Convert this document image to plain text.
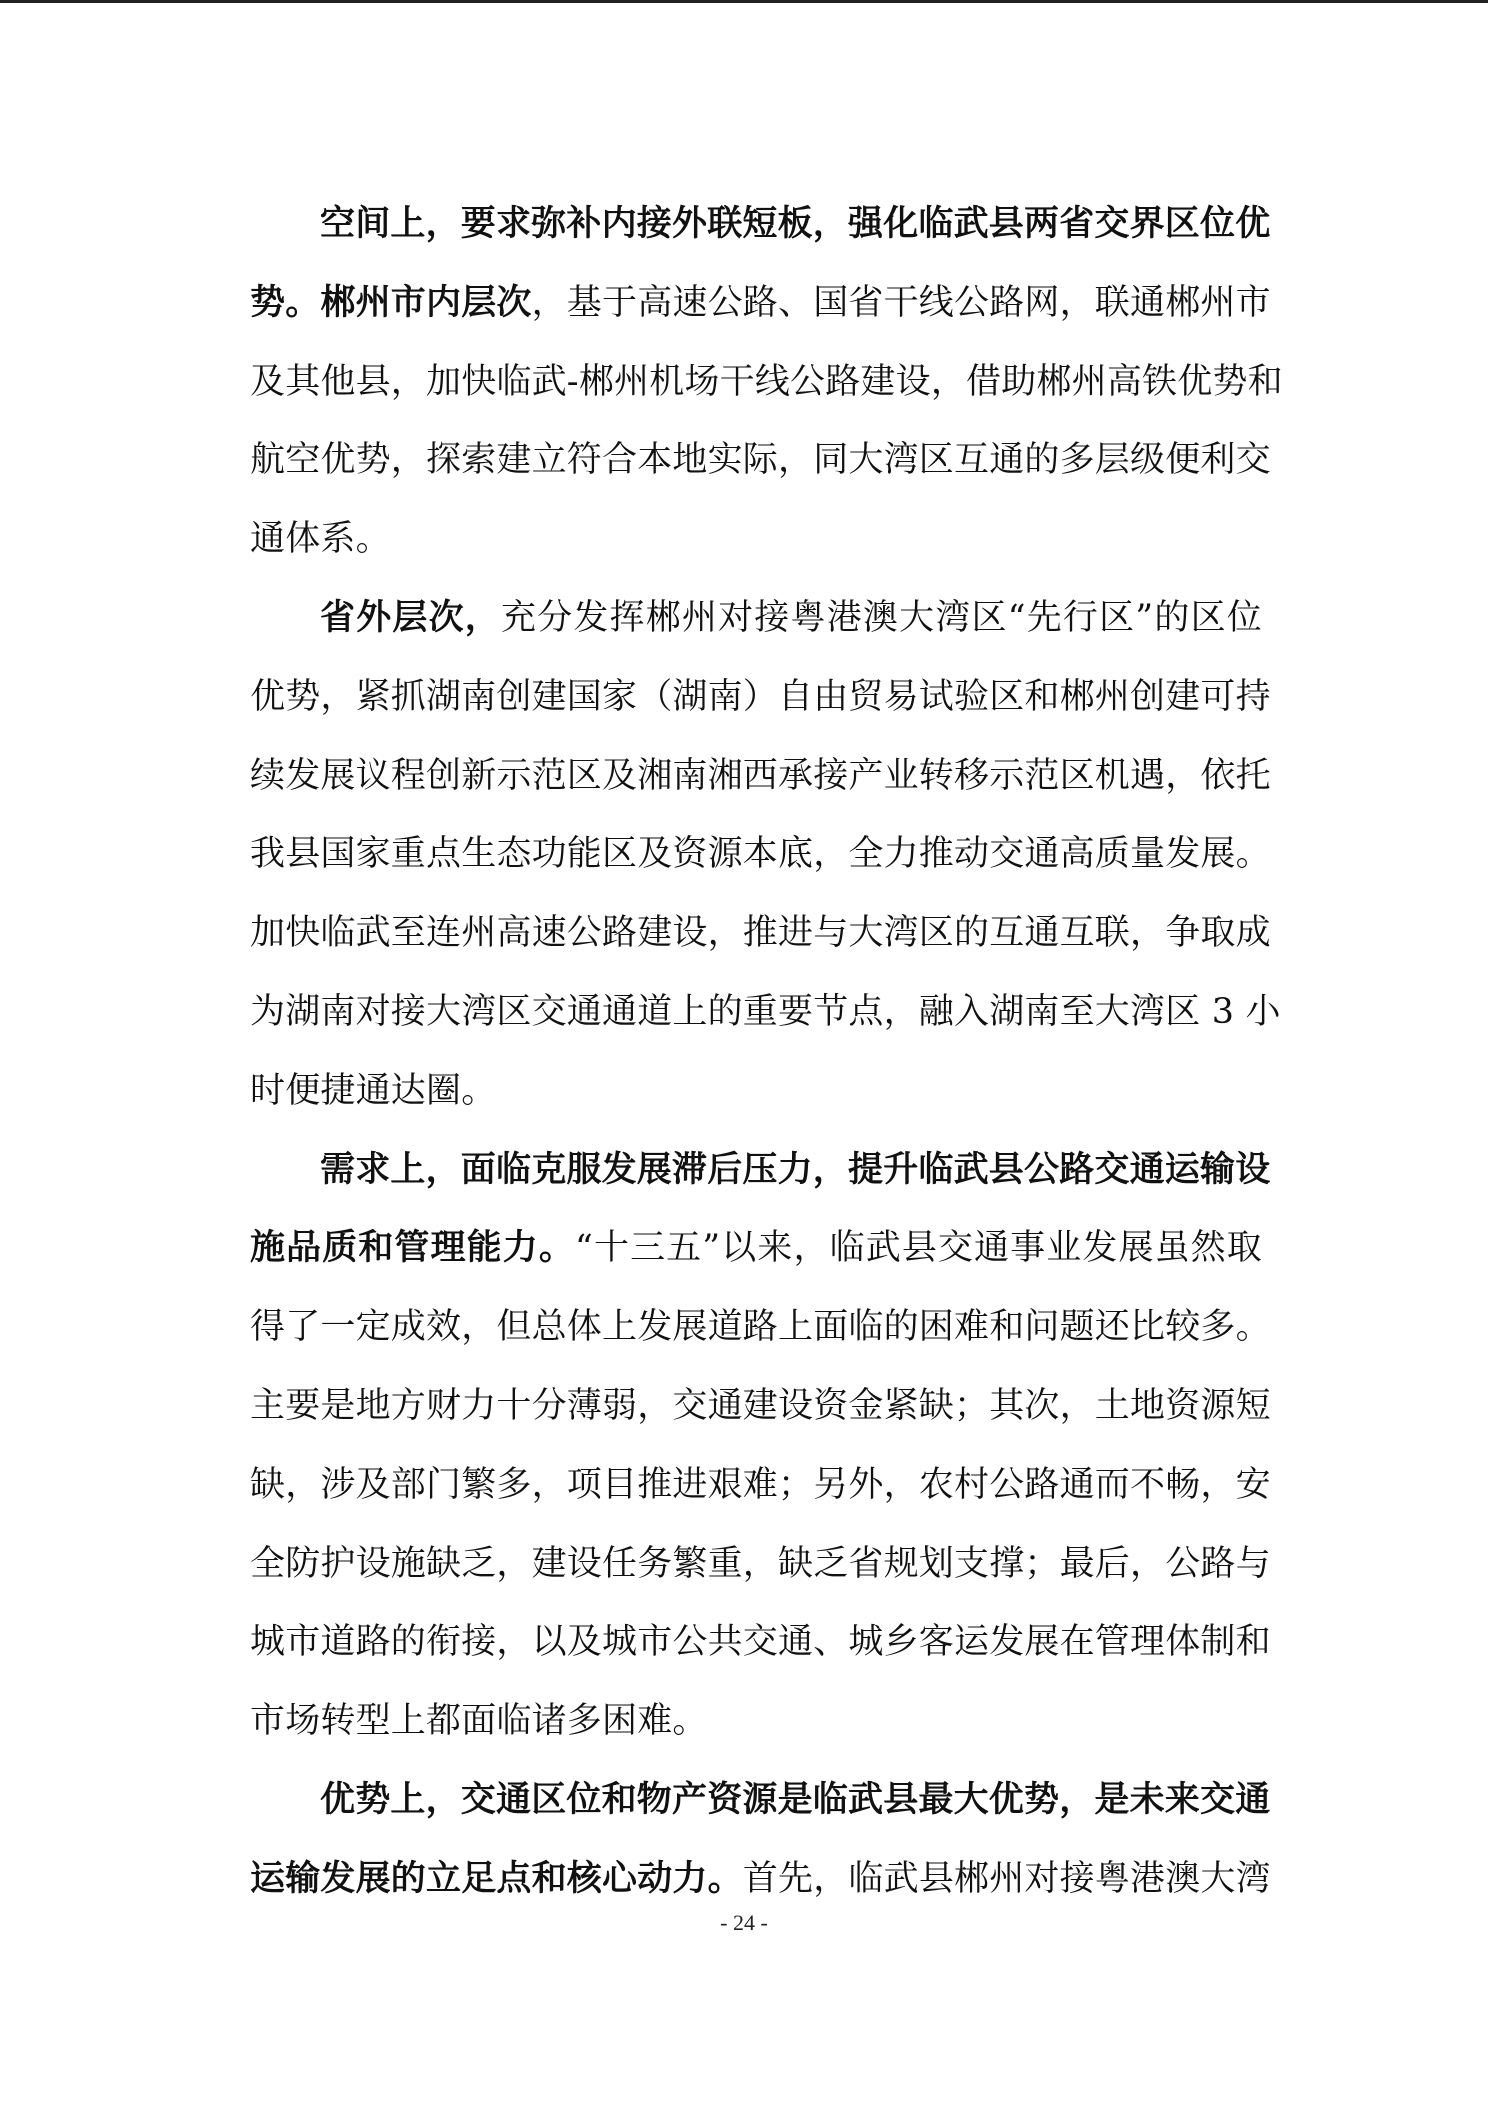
空间上，要求弥补内接外联短板，强化临武县两省交界区位优
势。郴州市内层次，基于高速公路、国省干线公路网，联通郴州市
及其他县，加快临武-郴州机场干线公路建设，借助郴州高铁优势和
航空优势，探索建立符合本地实际，同大湾区互通的多层级便利交
通体系。
省外层次，充分发挥郴州对接粤港澳大湾区“先行区”的区位
优势，紧抓湖南创建国家（湖南）自由贸易试验区和郴州创建可持
续发展议程创新示范区及湘南湘西承接产业转移示范区机遇，依托
我县国家重点生态功能区及资源本底，全力推动交通高质量发展。
加快临武至连州高速公路建设，推进与大湾区的互通互联，争取成
为湖南对接大湾区交通通道上的重要节点，融入湖南至大湾区 3 小
时便捷通达圈。
需求上，面临克服发展滞后压力，提升临武县公路交通运输设
施品质和管理能力。“十三五”以来，临武县交通事业发展虽然取
得了一定成效，但总体上发展道路上面临的困难和问题还比较多。
主要是地方财力十分薄弱，交通建设资金紧缺；其次，土地资源短
缺，涉及部门繁多，项目推进艰难；另外，农村公路通而不畅，安
全防护设施缺乏，建设任务繁重，缺乏省规划支撑；最后，公路与
城市道路的衔接，以及城市公共交通、城乡客运发展在管理体制和
市场转型上都面临诸多困难。
优势上，交通区位和物产资源是临武县最大优势，是未来交通
运输发展的立足点和核心动力。首先，临武县郴州对接粤港澳大湾
- 24 -
